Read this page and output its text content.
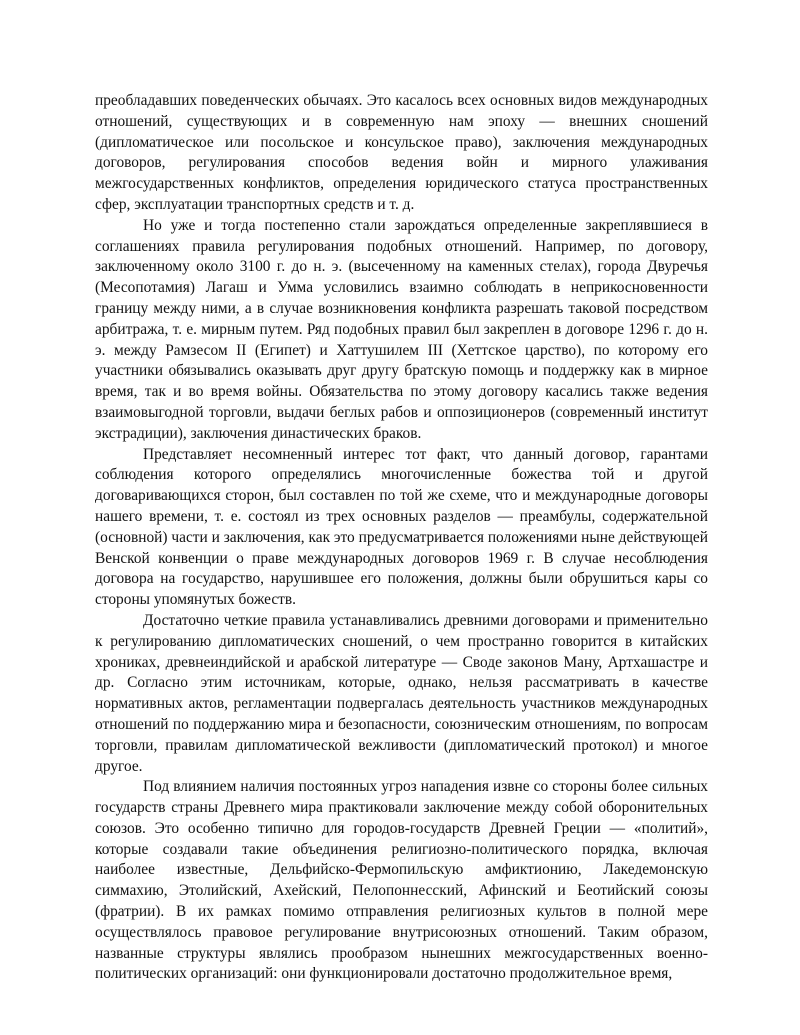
преобладавших поведенческих обычаях. Это касалось всех основных видов международных отношений, существующих и в современную нам эпоху — внешних сношений (дипломатическое или посольское и консульское право), заключения международных договоров, регулирования способов ведения войн и мирного улаживания межгосударственных конфликтов, определения юридического статуса пространственных сфер, эксплуатации транспортных средств и т. д.

Но уже и тогда постепенно стали зарождаться определенные закреплявшиеся в соглашениях правила регулирования подобных отношений. Например, по договору, заключенному около 3100 г. до н. э. (высеченному на каменных стелах), города Двуречья (Месопотамия) Лагаш и Умма условились взаимно соблюдать в неприкосновенности границу между ними, а в случае возникновения конфликта разрешать таковой посредством арбитража, т. е. мирным путем. Ряд подобных правил был закреплен в договоре 1296 г. до н. э. между Рамзесом II (Египет) и Хаттушилем III (Хеттское царство), по которому его участники обязывались оказывать друг другу братскую помощь и поддержку как в мирное время, так и во время войны. Обязательства по этому договору касались также ведения взаимовыгодной торговли, выдачи беглых рабов и оппозиционеров (современный институт экстрадиции), заключения династических браков.

Представляет несомненный интерес тот факт, что данный договор, гарантами соблюдения которого определялись многочисленные божества той и другой договаривающихся сторон, был составлен по той же схеме, что и международные договоры нашего времени, т. е. состоял из трех основных разделов — преамбулы, содержательной (основной) части и заключения, как это предусматривается положениями ныне действующей Венской конвенции о праве международных договоров 1969 г. В случае несоблюдения договора на государство, нарушившее его положения, должны были обрушиться кары со стороны упомянутых божеств.

Достаточно четкие правила устанавливались древними договорами и применительно к регулированию дипломатических сношений, о чем пространно говорится в китайских хрониках, древнеиндийской и арабской литературе — Своде законов Ману, Артхашастре и др. Согласно этим источникам, которые, однако, нельзя рассматривать в качестве нормативных актов, регламентации подвергалась деятельность участников международных отношений по поддержанию мира и безопасности, союзническим отношениям, по вопросам торговли, правилам дипломатической вежливости (дипломатический протокол) и многое другое.

Под влиянием наличия постоянных угроз нападения извне со стороны более сильных государств страны Древнего мира практиковали заключение между собой оборонительных союзов. Это особенно типично для городов-государств Древней Греции — «политий», которые создавали такие объединения религиозно-политического порядка, включая наиболее известные, Дельфийско-Фермопильскую амфиктионию, Лакедемонскую симмахию, Этолийский, Ахейский, Пелопоннесский, Афинский и Беотийский союзы (фратрии). В их рамках помимо отправления религиозных культов в полной мере осуществлялось правовое регулирование внутрисоюзных отношений. Таким образом, названные структуры являлись прообразом нынешних межгосударственных военно-политических организаций: они функционировали достаточно продолжительное время,
